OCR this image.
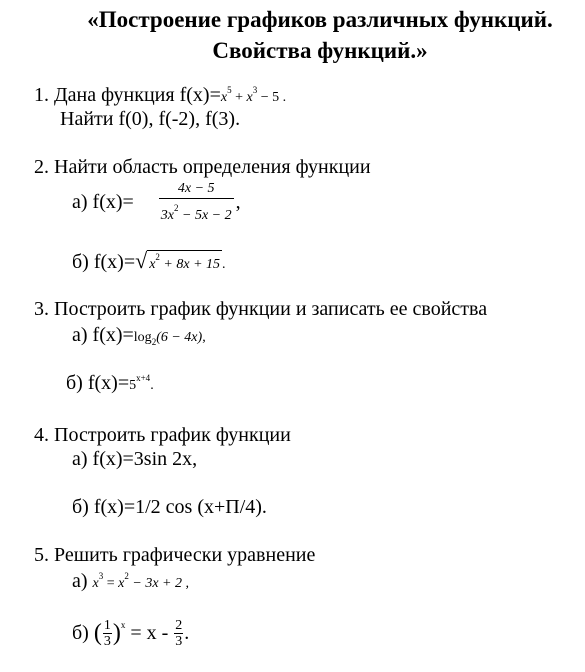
«Построение графиков различных функций.
Свойства функций.»
1. Дана функция $f(x)=x^5 + x^3 - 5$ .
Найти f(0), f(-2), f(3).
2. Найти область определения функции
а) $f(x)= \frac{4x - 5}{3x^2 - 5x - 2}$ ,
б) f(x)=√ $x^2 + 8x + 15$ .
3. Построить график функции и записать ее свойства
а) $f(x)=\log_2(6 - 4x)$,
б) $f(x)=5^{x+4}$.
4. Построить график функции
а) f(x)=3sin 2x,
б) f(x)=1/2 cos (x+П/4).
5. Решить графически уравнение
а) $x^3 = x^2 - 3x + 2$ ,
б) ( $\frac{1}{3} )^x = x - \frac{2}{3}$ .
